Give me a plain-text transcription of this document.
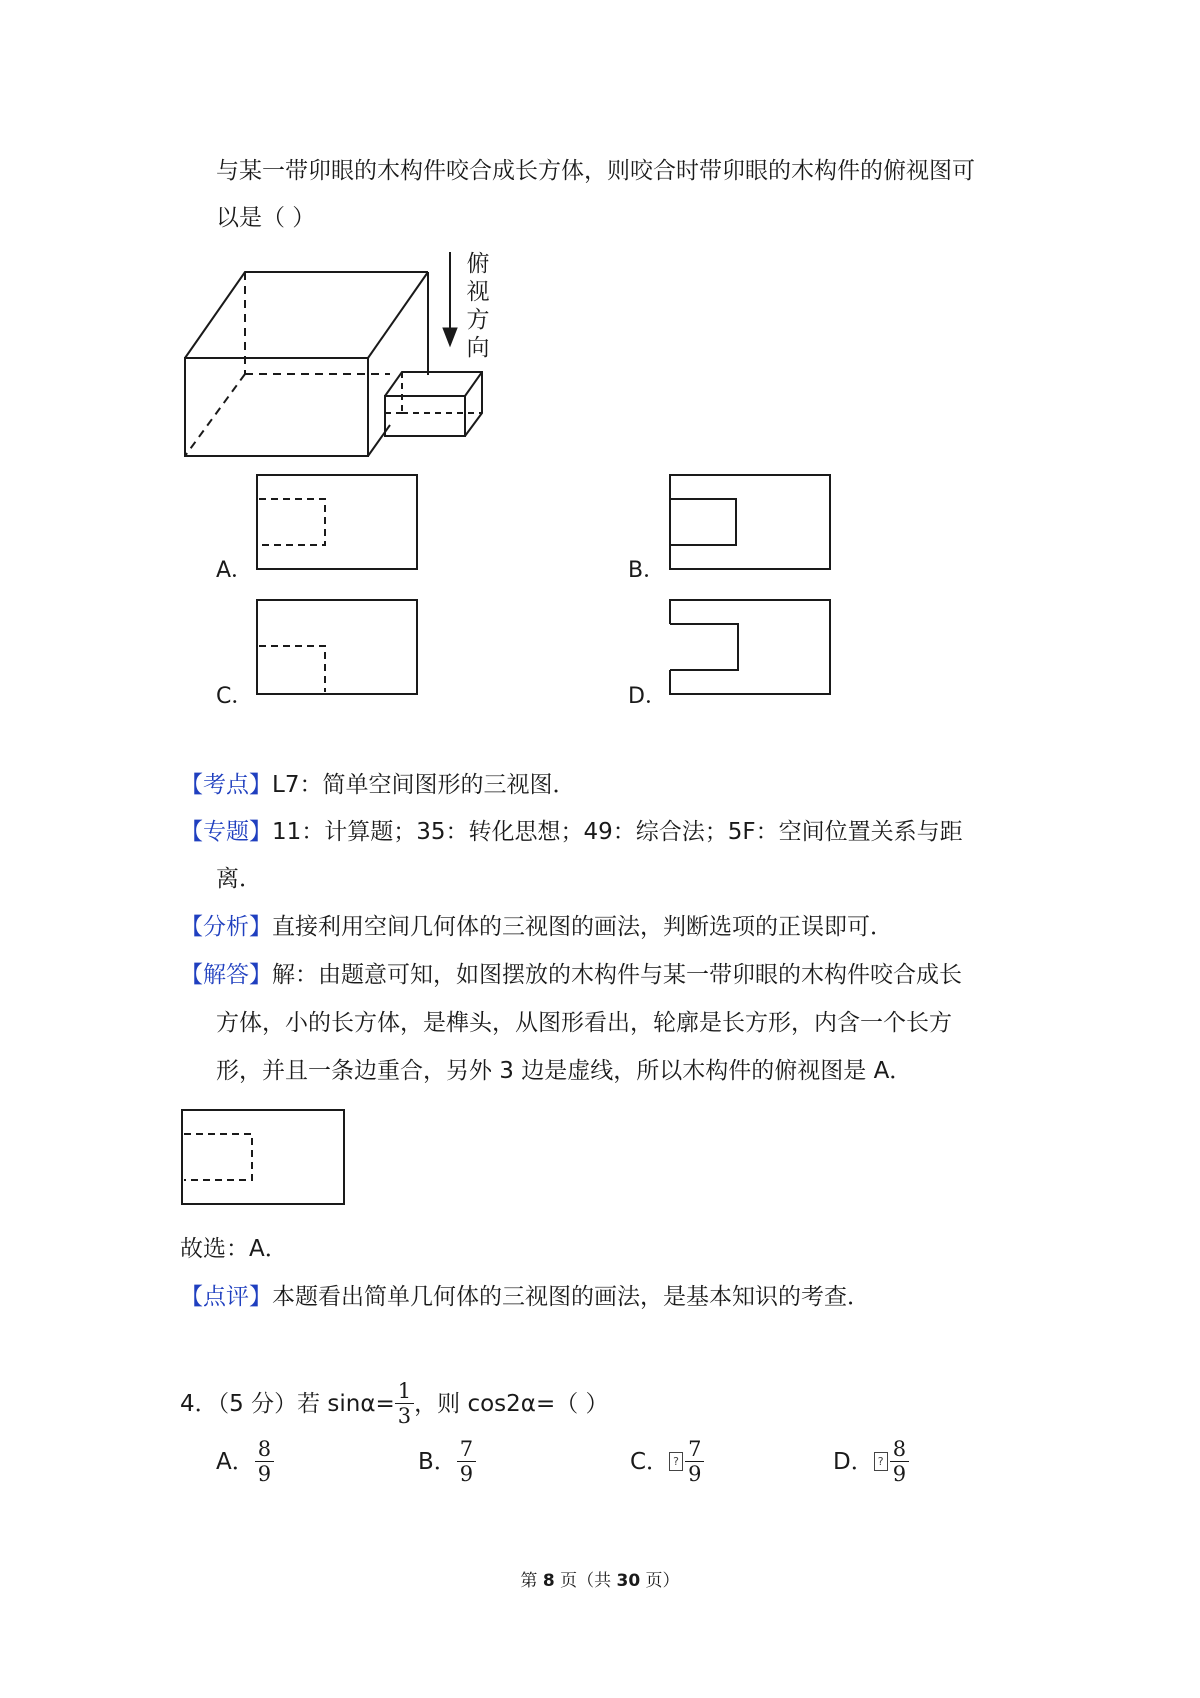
与某一带卯眼的木构件咬合成长方体，则咬合时带卯眼的木构件的俯视图可
以是（ ）
俯
视
方
向
A．	B．
C．	D．
【考点】L7：简单空间图形的三视图．
【专题】11：计算题；35：转化思想；49：综合法；5F：空间位置关系与距
离．
【分析】直接利用空间几何体的三视图的画法，判断选项的正误即可．
【解答】解：由题意可知，如图摆放的木构件与某一带卯眼的木构件咬合成长
方体，小的长方体，是榫头，从图形看出，轮廓是长方形，内含一个长方
形，并且一条边重合，另外 3 边是虚线，所以木构件的俯视图是 A．
故选：A．
【点评】本题看出简单几何体的三视图的画法，是基本知识的考查．
4．（5 分）若 $\sin\alpha= \frac{1}{3}$ ，则 cos2α=（ ）
A． $\frac{8}{9}$	B． $\frac{7}{9}$	C． ? $\frac{7}{9}$	D． ? $\frac{8}{9}$
第 8 页（共 30 页）
